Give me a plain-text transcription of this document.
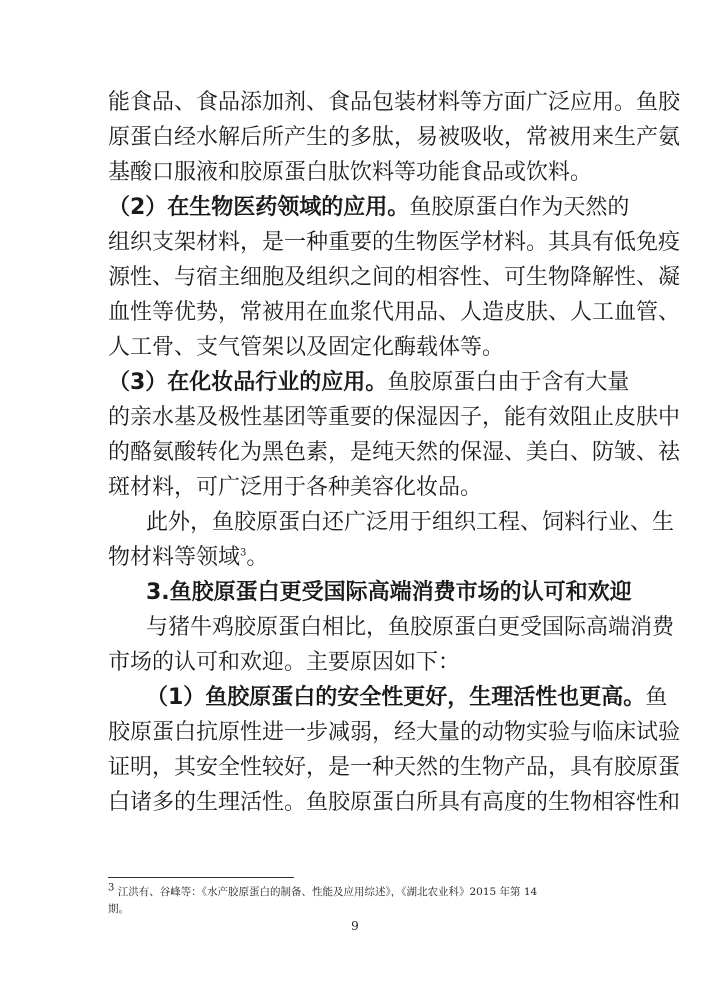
能食品、食品添加剂、食品包装材料等方面广泛应用。鱼胶
原蛋白经水解后所产生的多肽，易被吸收，常被用来生产氨
基酸口服液和胶原蛋白肽饮料等功能食品或饮料。
（2）在生物医药领域的应用。鱼胶原蛋白作为天然的
组织支架材料，是一种重要的生物医学材料。其具有低免疫
源性、与宿主细胞及组织之间的相容性、可生物降解性、凝
血性等优势，常被用在血浆代用品、人造皮肤、人工血管、
人工骨、支气管架以及固定化酶载体等。
（3）在化妆品行业的应用。鱼胶原蛋白由于含有大量
的亲水基及极性基团等重要的保湿因子，能有效阻止皮肤中
的酪氨酸转化为黑色素，是纯天然的保湿、美白、防皱、祛
斑材料，可广泛用于各种美容化妆品。
此外，鱼胶原蛋白还广泛用于组织工程、饲料行业、生
物材料等领域$^3$。
3.鱼胶原蛋白更受国际高端消费市场的认可和欢迎
与猪牛鸡胶原蛋白相比，鱼胶原蛋白更受国际高端消费
市场的认可和欢迎。主要原因如下：
（1）鱼胶原蛋白的安全性更好，生理活性也更高。鱼
胶原蛋白抗原性进一步减弱，经大量的动物实验与临床试验
证明，其安全性较好，是一种天然的生物产品，具有胶原蛋
白诸多的生理活性。鱼胶原蛋白所具有高度的生物相容性和
$^3$ 江洪有、谷峰等：《水产胶原蛋白的制备、性能及应用综述》，《湖北农业科》2015 年第 14
期。
9
